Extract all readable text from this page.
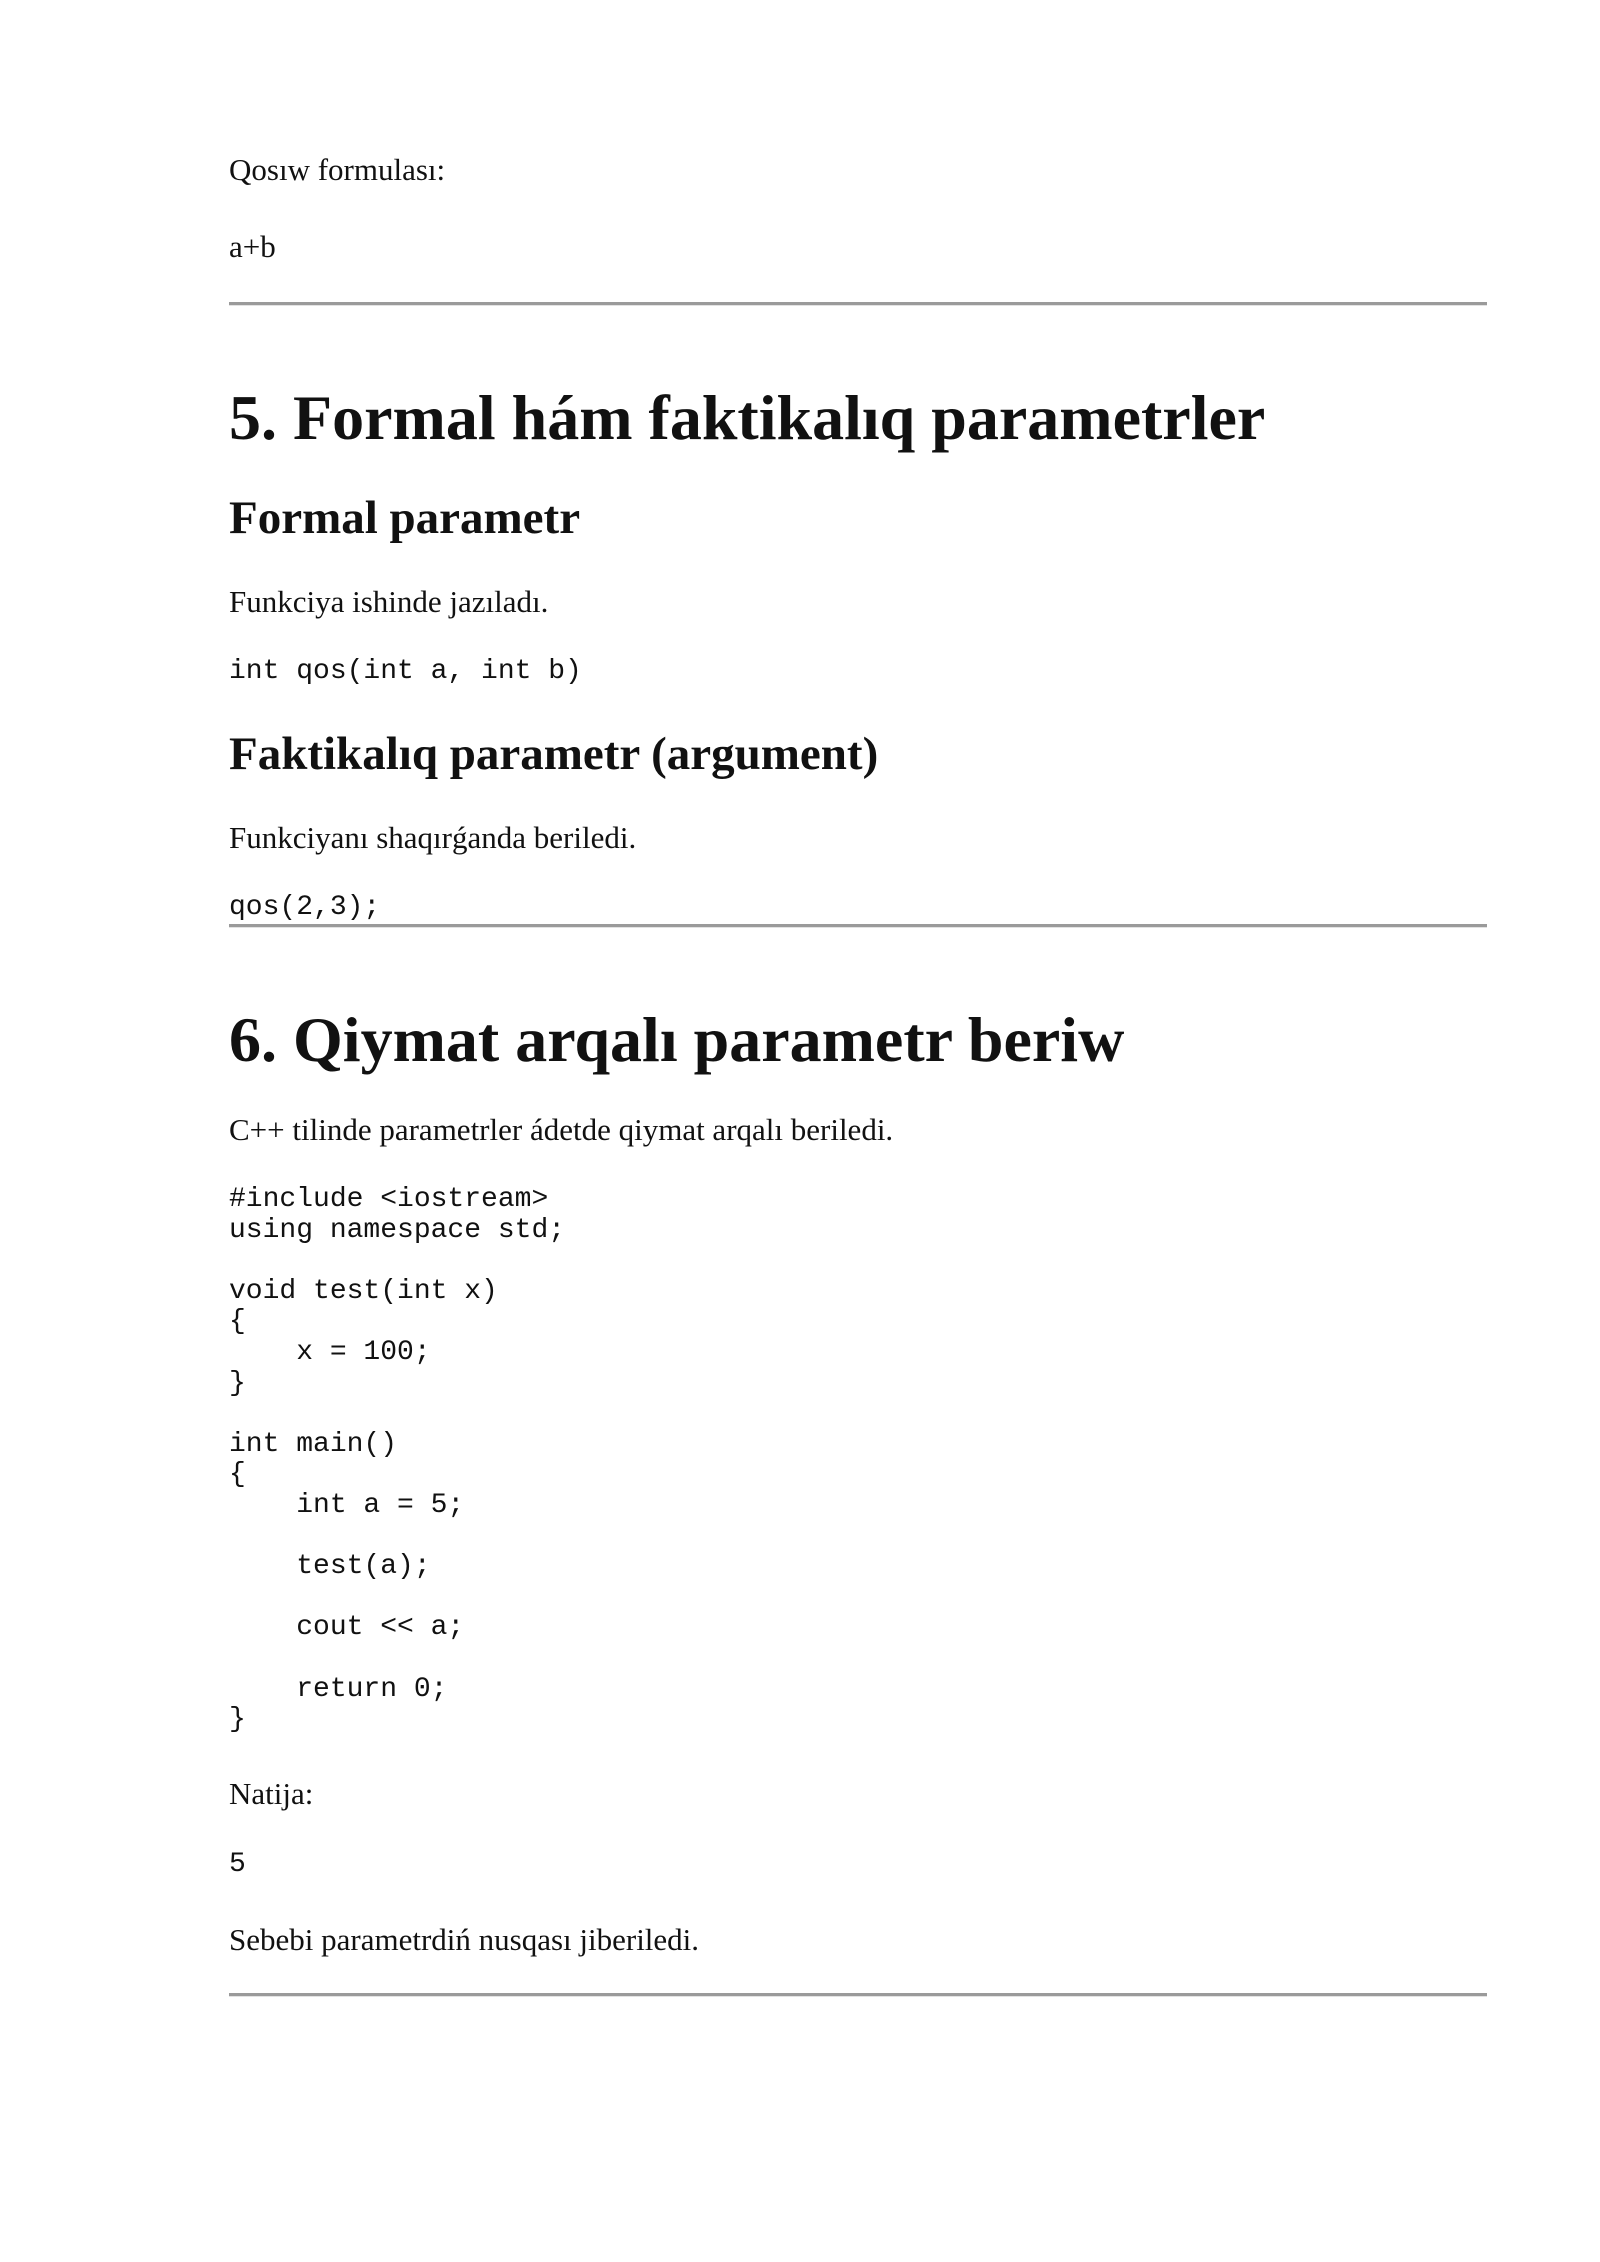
Qosıw formulası:

a+b

5. Formal hám faktikalıq parametrler
Formal parametr

Funkciya ishinde jazıladı.

int qos(int a, int b)
Faktikalıq parametr (argument)

Funkciyanı shaqırǵanda beriledi.

qos(2,3);
6. Qiymat arqalı parametr beriw

C++ tilinde parametrler ádetde qiymat arqalı beriledi.

#include <iostream>
using namespace std;

void test(int x)
{
x = 100;
}

int main()
{
int a = 5;

test(a);

cout << a;

return 0;
}

Natija:

5

Sebebi parametrdiń nusqası jiberiledi.
